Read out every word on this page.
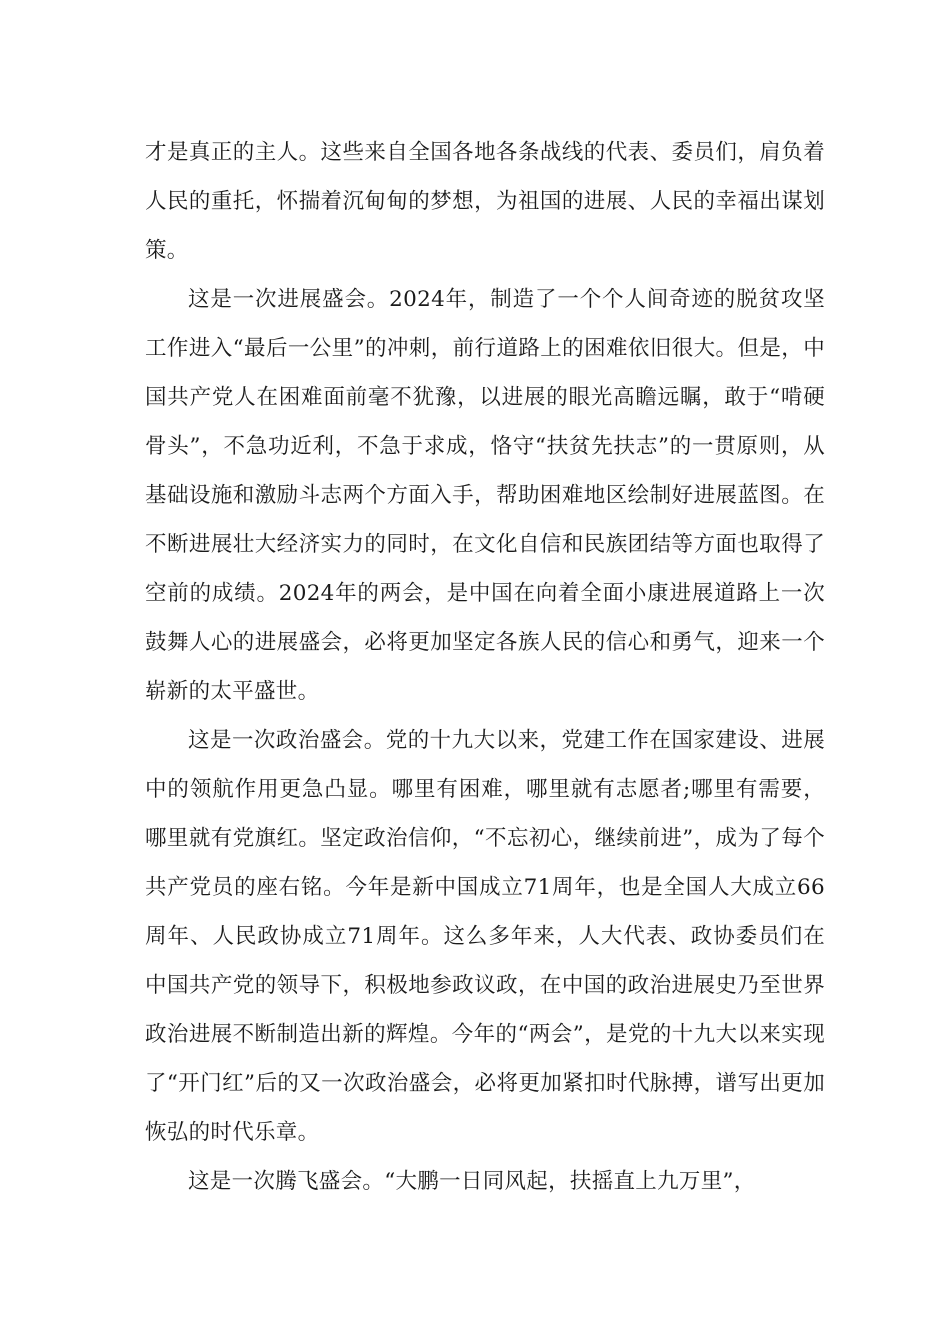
才是真正的主人。这些来自全国各地各条战线的代表、委员们，肩负着人民的重托，怀揣着沉甸甸的梦想，为祖国的进展、人民的幸福出谋划策。

这是一次进展盛会。2024年，制造了一个个人间奇迹的脱贫攻坚工作进入“最后一公里”的冲刺，前行道路上的困难依旧很大。但是，中国共产党人在困难面前毫不犹豫，以进展的眼光高瞻远瞩，敢于“啃硬骨头”，不急功近利，不急于求成，恪守“扶贫先扶志”的一贯原则，从基础设施和激励斗志两个方面入手，帮助困难地区绘制好进展蓝图。在不断进展壮大经济实力的同时，在文化自信和民族团结等方面也取得了空前的成绩。2024年的两会，是中国在向着全面小康进展道路上一次鼓舞人心的进展盛会，必将更加坚定各族人民的信心和勇气，迎来一个崭新的太平盛世。

这是一次政治盛会。党的十九大以来，党建工作在国家建设、进展中的领航作用更急凸显。哪里有困难，哪里就有志愿者;哪里有需要，哪里就有党旗红。坚定政治信仰，“不忘初心，继续前进”，成为了每个共产党员的座右铭。今年是新中国成立71周年，也是全国人大成立66周年、人民政协成立71周年。这么多年来，人大代表、政协委员们在中国共产党的领导下，积极地参政议政，在中国的政治进展史乃至世界政治进展不断制造出新的辉煌。今年的“两会”，是党的十九大以来实现了“开门红”后的又一次政治盛会，必将更加紧扣时代脉搏，谱写出更加恢弘的时代乐章。

这是一次腾飞盛会。“大鹏一日同风起，扶摇直上九万里”，
